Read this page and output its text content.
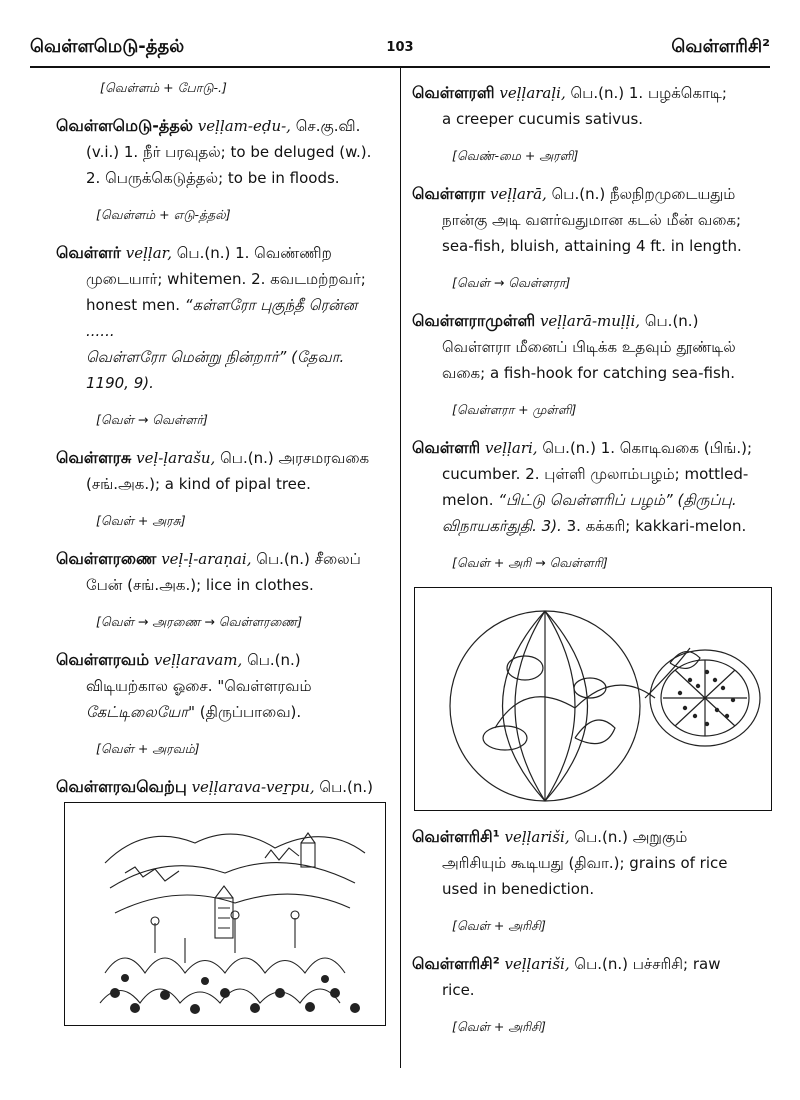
வெள்ளமெடு-த்தல்	103	வெள்ளரிசி²
[வெள்ளம் + போடு-.]
வெள்ளமெடு-த்தல் veḷḷam-eḍu-, செ.கு.வி.
(v.i.) 1. நீர் பரவுதல்; to be deluged (w.).
2. பெருக்கெடுத்தல்; to be in floods.
[வெள்ளம் + எடு-த்தல்]
வெள்ளர் veḷḷar, பெ.(n.) 1. வெண்ணிற
முடையார்; whitemen. 2. கவடமற்றவர்;
honest men. “கள்ளரோ புகுந்தீ ரென்ன ......
வெள்ளரோ மென்று நின்றார்” (தேவா. 1190, 9).
[வெள் → வெள்ளர்]
வெள்ளரசு veḷ-ḷarašu, பெ.(n.) அரசமரவகை
(சங்.அக.); a kind of pipal tree.
[வெள் + அரசு]
வெள்ளரணை veḷ-ḷ-araṇai, பெ.(n.) சீலைப்
பேன் (சங்.அக.); lice in clothes.
[வெள் → அரணை → வெள்ளரணை]
வெள்ளரவம் veḷḷaravam, பெ.(n.)
விடியற்கால ஓசை. "வெள்ளரவம்
கேட்டிலையோ" (திருப்பாவை).
[வெள் + அரவம்]
வெள்ளரவவெற்பு veḷḷarava-veṟpu, பெ.(n.)
வெள்ளரளி veḷḷaraḷi, பெ.(n.) 1. பழக்கொடி;
a creeper cucumis sativus.
[வெண்-மை + அரளி]
வெள்ளரா veḷḷarā, பெ.(n.) நீலநிறமுடையதும்
நான்கு அடி வளர்வதுமான கடல் மீன் வகை;
sea-fish, bluish, attaining 4 ft. in length.
[வெள் → வெள்ளரா]
வெள்ளராமுள்ளி veḷḷarā-muḷḷi, பெ.(n.)
வெள்ளரா மீனைப் பிடிக்க உதவும் தூண்டில்
வகை; a fish-hook for catching sea-fish.
[வெள்ளரா + முள்ளி]
வெள்ளரி veḷḷari, பெ.(n.) 1. கொடிவகை (பிங்.);
cucumber. 2. புள்ளி முலாம்பழம்; mottled-
melon. “பிட்டு வெள்ளரிப் பழம்” (திருப்பு.
விநாயகர்துதி. 3). 3. கக்கரி; kakkari-melon.
[வெள் + அரி → வெள்ளரி]
வெள்ளரிசி¹ veḷḷariši, பெ.(n.) அறுகும்
அரிசியும் கூடியது (திவா.); grains of rice
used in benediction.
[வெள் + அரிசி]
வெள்ளரிசி² veḷḷariši, பெ.(n.) பச்சரிசி; raw
rice.
[வெள் + அரிசி]
